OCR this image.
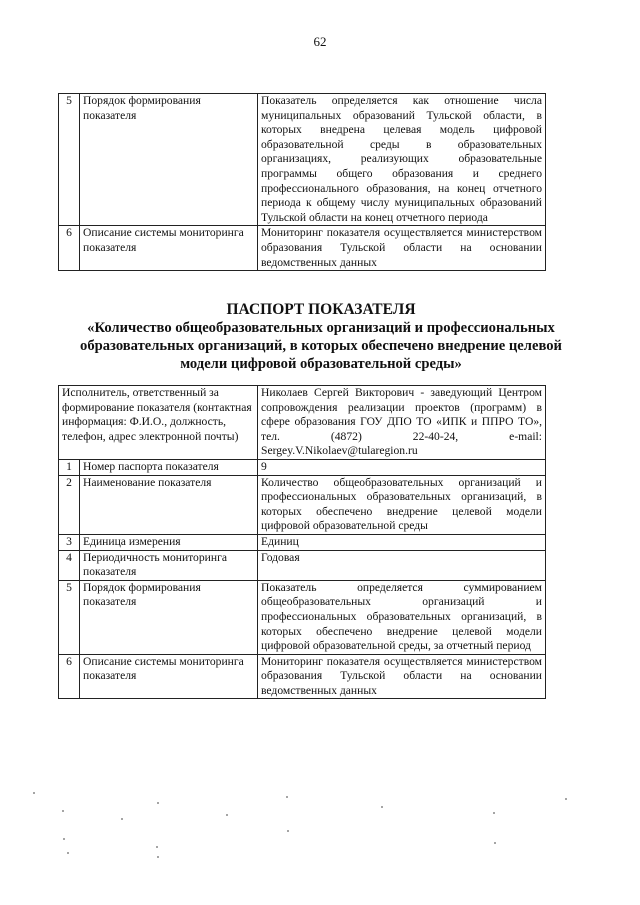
62
5	Порядок формирования показателя	Показатель определяется как отношение числа муниципальных образований Тульской области, в которых внедрена целевая модель цифровой образовательной среды в образовательных организациях, реализующих образовательные программы общего образования и среднего профессионального образования, на конец отчетного периода к общему числу муниципальных образований Тульской области на конец отчетного периода
6	Описание системы мониторинга показателя	Мониторинг показателя осуществляется министерством образования Тульской области на основании ведомственных данных
ПАСПОРТ ПОКАЗАТЕЛЯ
«Количество общеобразовательных организаций и профессиональных образовательных организаций, в которых обеспечено внедрение целевой модели цифровой образовательной среды»
Исполнитель, ответственный за формирование показателя (контактная информация: Ф.И.О., должность, телефон, адрес электронной почты)		Николаев Сергей Викторович - заведующий Центром сопровождения реализации проектов (программ) в сфере образования ГОУ ДПО ТО «ИПК и ППРО ТО», тел. (4872) 22-40-24, e-mail: Sergey.V.Nikolaev@tularegion.ru
1	Номер паспорта показателя	9
2	Наименование показателя	Количество общеобразовательных организаций и профессиональных образовательных организаций, в которых обеспечено внедрение целевой модели цифровой образовательной среды
3	Единица измерения	Единиц
4	Периодичность мониторинга показателя	Годовая
5	Порядок формирования показателя	Показатель определяется суммированием общеобразовательных организаций и профессиональных образовательных организаций, в которых обеспечено внедрение целевой модели цифровой образовательной среды, за отчетный период
6	Описание системы мониторинга показателя	Мониторинг показателя осуществляется министерством образования Тульской области на основании ведомственных данных
